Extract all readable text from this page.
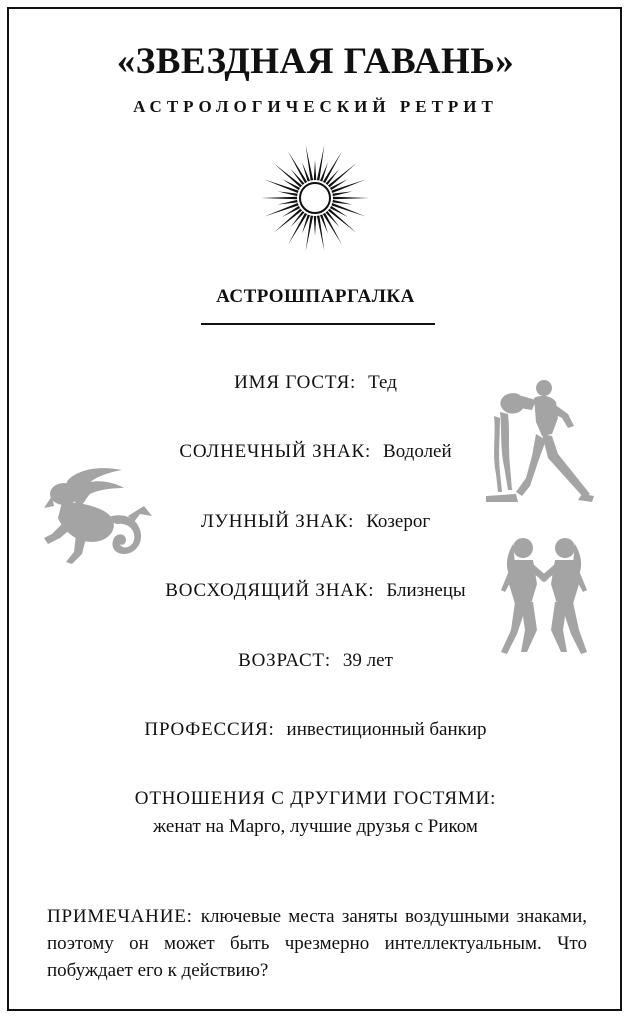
«ЗВЕЗДНАЯ ГАВАНЬ»
АСТРОЛОГИЧЕСКИЙ РЕТРИТ
АСТРОШПАРГАЛКА
ИМЯ ГОСТЯ: Тед
СОЛНЕЧНЫЙ ЗНАК: Водолей
ЛУННЫЙ ЗНАК: Козерог
ВОСХОДЯЩИЙ ЗНАК: Близнецы
ВОЗРАСТ: 39 лет
ПРОФЕССИЯ: инвестиционный банкир
ОТНОШЕНИЯ С ДРУГИМИ ГОСТЯМИ:
женат на Марго, лучшие друзья с Риком
ПРИМЕЧАНИЕ: ключевые места заняты воздушными знаками, поэтому он может быть чрезмерно интеллектуальным. Что побуждает его к действию?
